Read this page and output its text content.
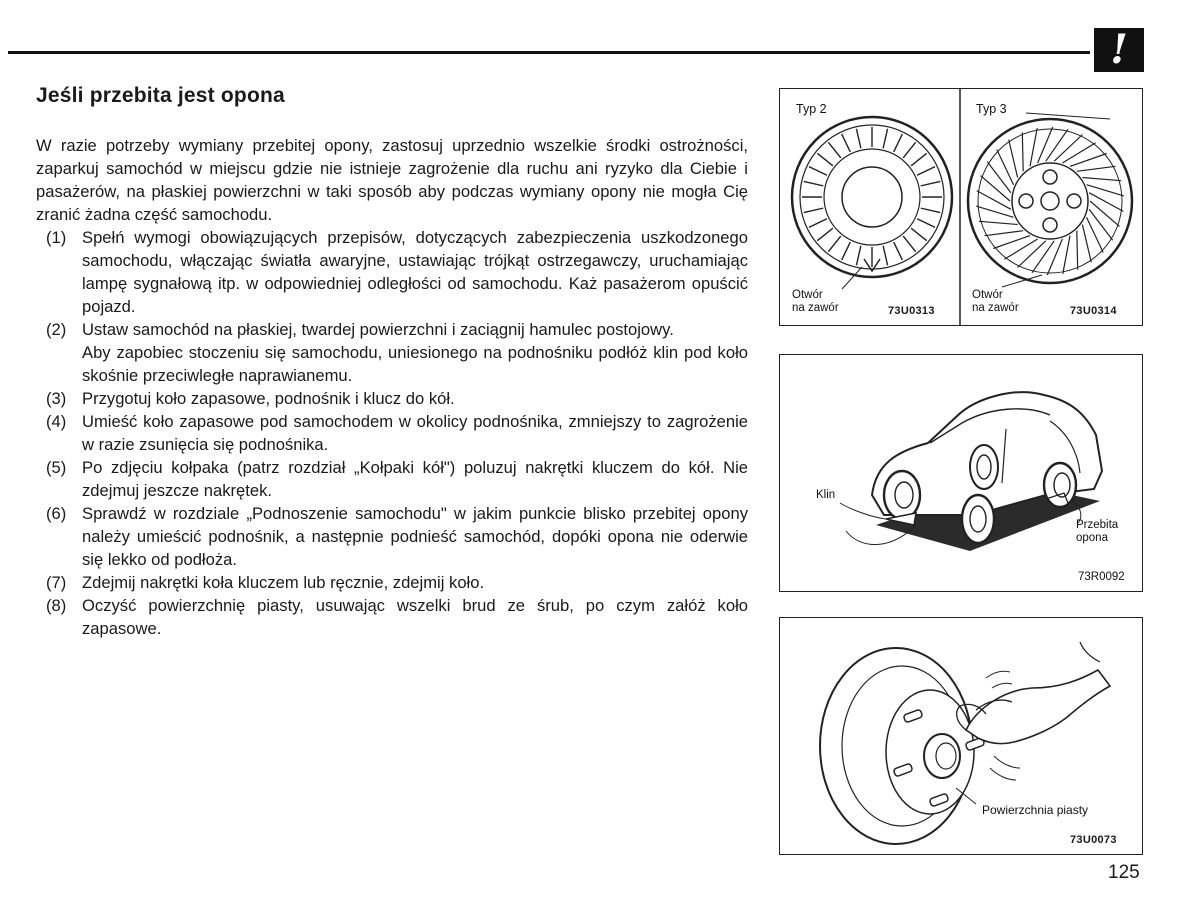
!
Jeśli przebita jest opona

W razie potrzeby wymiany przebitej opony, zastosuj uprzednio wszelkie środki ostrożności, zaparkuj samochód w miejscu gdzie nie istnieje zagrożenie dla ruchu ani ryzyko dla Ciebie i pasażerów, na płaskiej powierzchni w taki sposób aby podczas wymiany opony nie mogła Cię zranić żadna część samochodu.

(1) Spełń wymogi obowiązujących przepisów, dotyczących zabezpieczenia uszkodzonego samochodu, włączając światła awaryjne, ustawiając trójkąt ostrzegawczy, uruchamiając lampę sygnałową itp. w odpowiedniej odległości od samochodu. Każ pasażerom opuścić pojazd.

(2) Ustaw samochód na płaskiej, twardej powierzchni i zaciągnij hamulec postojowy.

Aby zapobiec stoczeniu się samochodu, uniesionego na podnośniku podłóż klin pod koło skośnie przeciwległe naprawianemu.

(3) Przygotuj koło zapasowe, podnośnik i klucz do kół.

(4) Umieść koło zapasowe pod samochodem w okolicy podnośnika, zmniejszy to zagrożenie w razie zsunięcia się podnośnika.

(5) Po zdjęciu kołpaka (patrz rozdział „Kołpaki kół") poluzuj nakrętki kluczem do kół. Nie zdejmuj jeszcze nakrętek.

(6) Sprawdź w rozdziale „Podnoszenie samochodu" w jakim punkcie blisko przebitej opony należy umieścić podnośnik, a następnie podnieść samochód, dopóki opona nie oderwie się lekko od podłoża.

(7) Zdejmij nakrętki koła kluczem lub ręcznie, zdejmij koło.

(8) Oczyść powierzchnię piasty, usuwając wszelki brud ze śrub, po czym załóż koło zapasowe.

Typ 2	Typ 3
Otwór
na zawór
Otwór
na zawór
73U0313	73U0314
Klin
Przebita
opona
73R0092
Powierzchnia piasty
73U0073
125
